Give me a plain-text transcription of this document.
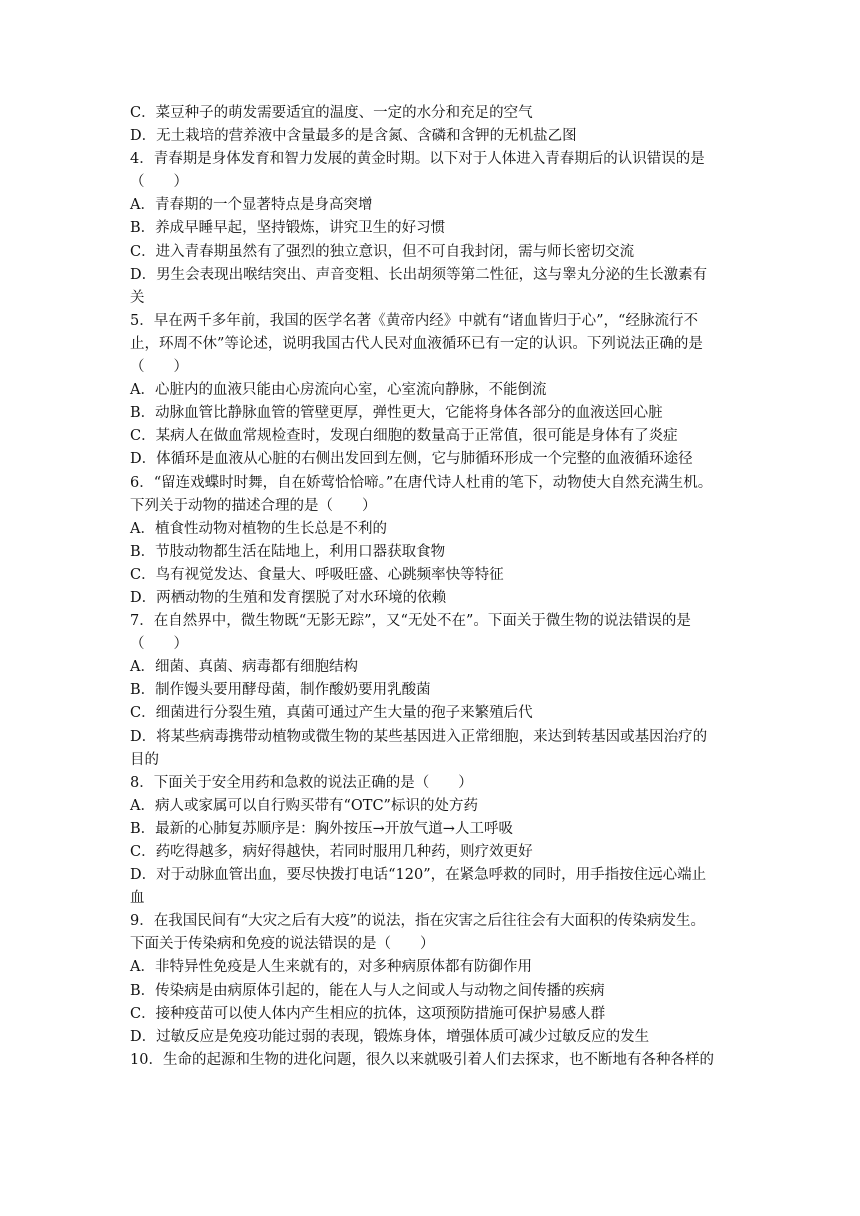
C．菜豆种子的萌发需要适宜的温度、一定的水分和充足的空气
D．无土栽培的营养液中含量最多的是含氮、含磷和含钾的无机盐乙图
4．青春期是身体发育和智力发展的黄金时期。以下对于人体进入青春期后的认识错误的是
（　　）
A．青春期的一个显著特点是身高突增
B．养成早睡早起，坚持锻炼，讲究卫生的好习惯
C．进入青春期虽然有了强烈的独立意识，但不可自我封闭，需与师长密切交流
D．男生会表现出喉结突出、声音变粗、长出胡须等第二性征，这与睾丸分泌的生长激素有
关
5．早在两千多年前，我国的医学名著《黄帝内经》中就有“诸血皆归于心”，“经脉流行不
止，环周不休”等论述，说明我国古代人民对血液循环已有一定的认识。下列说法正确的是
（　　）
A．心脏内的血液只能由心房流向心室，心室流向静脉，不能倒流
B．动脉血管比静脉血管的管壁更厚，弹性更大，它能将身体各部分的血液送回心脏
C．某病人在做血常规检查时，发现白细胞的数量高于正常值，很可能是身体有了炎症
D．体循环是血液从心脏的右侧出发回到左侧，它与肺循环形成一个完整的血液循环途径
6．“留连戏蝶时时舞，自在娇莺恰恰啼。”在唐代诗人杜甫的笔下，动物使大自然充满生机。
下列关于动物的描述合理的是（　　）
A．植食性动物对植物的生长总是不利的
B．节肢动物都生活在陆地上，利用口器获取食物
C．鸟有视觉发达、食量大、呼吸旺盛、心跳频率快等特征
D．两栖动物的生殖和发育摆脱了对水环境的依赖
7．在自然界中，微生物既“无影无踪”，又“无处不在”。下面关于微生物的说法错误的是
（　　）
A．细菌、真菌、病毒都有细胞结构
B．制作馒头要用酵母菌，制作酸奶要用乳酸菌
C．细菌进行分裂生殖，真菌可通过产生大量的孢子来繁殖后代
D．将某些病毒携带动植物或微生物的某些基因进入正常细胞，来达到转基因或基因治疗的
目的
8．下面关于安全用药和急救的说法正确的是（　　）
A．病人或家属可以自行购买带有“OTC”标识的处方药
B．最新的心肺复苏顺序是：胸外按压→开放气道→人工呼吸
C．药吃得越多，病好得越快，若同时服用几种药，则疗效更好
D．对于动脉血管出血，要尽快拨打电话“120”，在紧急呼救的同时，用手指按住远心端止
血
9．在我国民间有“大灾之后有大疫”的说法，指在灾害之后往往会有大面积的传染病发生。
下面关于传染病和免疫的说法错误的是（　　）
A．非特异性免疫是人生来就有的，对多种病原体都有防御作用
B．传染病是由病原体引起的，能在人与人之间或人与动物之间传播的疾病
C．接种疫苗可以使人体内产生相应的抗体，这项预防措施可保护易感人群
D．过敏反应是免疫功能过弱的表现，锻炼身体，增强体质可减少过敏反应的发生
10．生命的起源和生物的进化问题，很久以来就吸引着人们去探求，也不断地有各种各样的
